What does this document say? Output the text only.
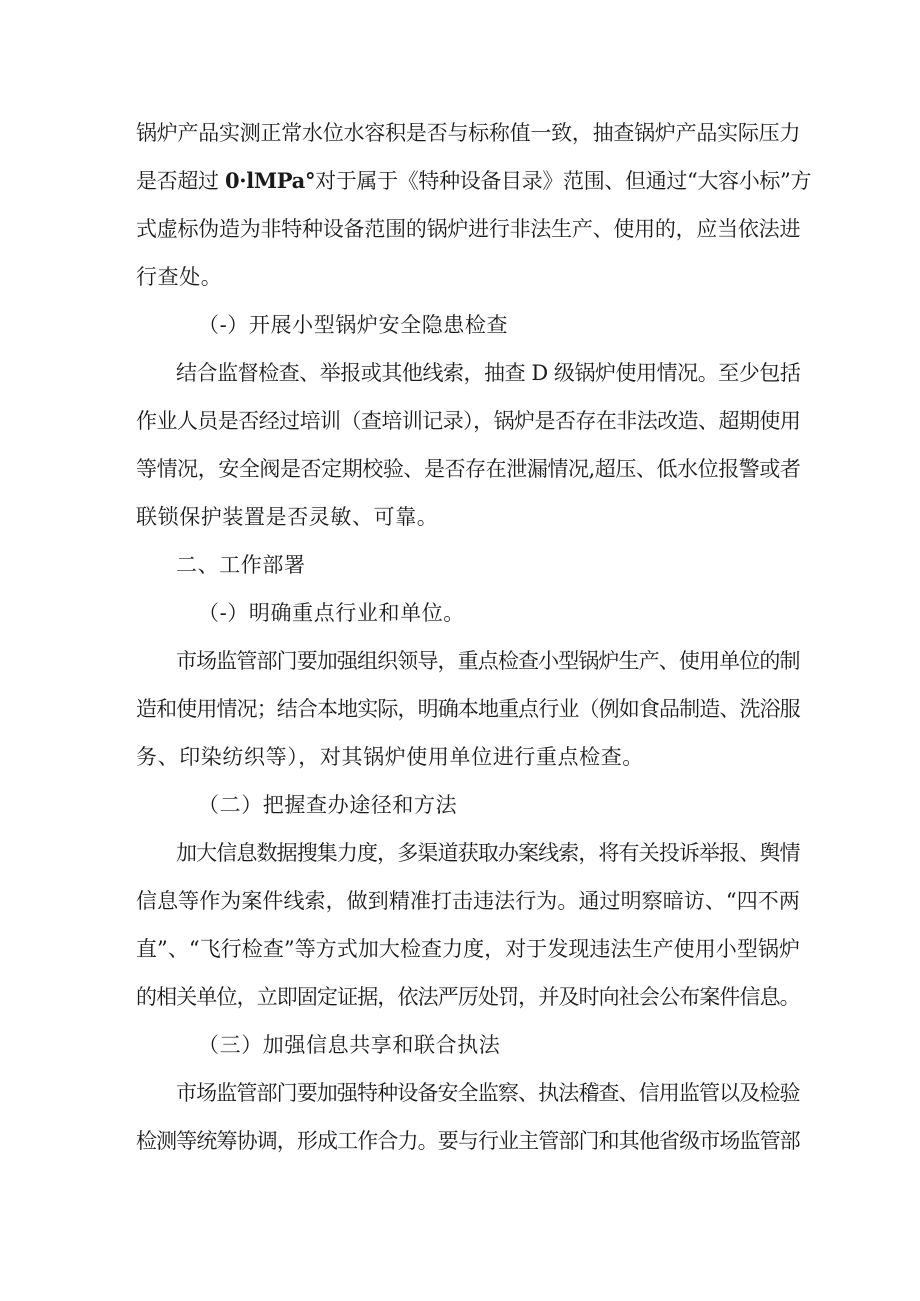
锅炉产品实测正常水位水容积是否与标称值一致，抽查锅炉产品实际压力
是否超过 0·lMPa°对于属于《特种设备目录》范围、但通过“大容小标”方
式虚标伪造为非特种设备范围的锅炉进行非法生产、使用的，应当依法进
行查处。
（-）开展小型锅炉安全隐患检查
结合监督检查、举报或其他线索，抽查 D 级锅炉使用情况。至少包括
作业人员是否经过培训（查培训记录），锅炉是否存在非法改造、超期使用
等情况，安全阀是否定期校验、是否存在泄漏情况,超压、低水位报警或者
联锁保护装置是否灵敏、可靠。
二、工作部署
（-）明确重点行业和单位。
市场监管部门要加强组织领导，重点检查小型锅炉生产、使用单位的制
造和使用情况；结合本地实际，明确本地重点行业（例如食品制造、洗浴服
务、印染纺织等），对其锅炉使用单位进行重点检查。
（二）把握查办途径和方法
加大信息数据搜集力度，多渠道获取办案线索，将有关投诉举报、舆情
信息等作为案件线索，做到精准打击违法行为。通过明察暗访、“四不两
直”、“飞行检查”等方式加大检查力度，对于发现违法生产使用小型锅炉
的相关单位，立即固定证据，依法严厉处罚，并及时向社会公布案件信息。
（三）加强信息共享和联合执法
市场监管部门要加强特种设备安全监察、执法稽查、信用监管以及检验
检测等统筹协调，形成工作合力。要与行业主管部门和其他省级市场监管部
